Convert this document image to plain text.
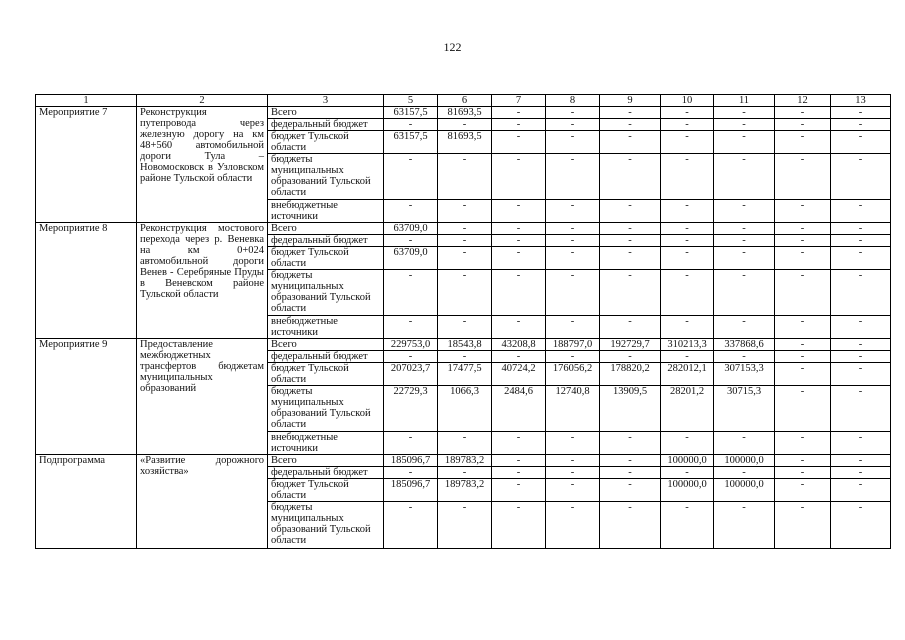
122
1	2	3	5	6	7	8	9	10	11	12	13
Мероприятие 7	Реконструкция путепровода через железную дорогу на км 48+560 автомобильной дороги Тула – Новомосковск в Узловском районе Тульской области	Всего	63157,5	81693,5	-	-	-	-	-	-	-
		федеральный бюджет	-	-	-	-	-	-	-	-	-
		бюджет Тульской области	63157,5	81693,5	-	-	-	-	-	-	-
		бюджеты муниципальных образований Тульской области	-	-	-	-	-	-	-	-	-
		внебюджетные источники	-	-	-	-	-	-	-	-	-
Мероприятие 8	Реконструкция мостового перехода через р. Веневка на км 0+024 автомобильной дороги Венев - Серебряные Пруды в Веневском районе Тульской области	Всего	63709,0	-	-	-	-	-	-	-	-
		федеральный бюджет	-	-	-	-	-	-	-	-	-
		бюджет Тульской области	63709,0	-	-	-	-	-	-	-	-
		бюджеты муниципальных образований Тульской области	-	-	-	-	-	-	-	-	-
		внебюджетные источники	-	-	-	-	-	-	-	-	-
Мероприятие 9	Предоставление межбюджетных трансфертов бюджетам муниципальных образований	Всего	229753,0	18543,8	43208,8	188797,0	192729,7	310213,3	337868,6	-	-
		федеральный бюджет	-	-	-	-	-	-	-	-	-
		бюджет Тульской области	207023,7	17477,5	40724,2	176056,2	178820,2	282012,1	307153,3	-	-
		бюджеты муниципальных образований Тульской области	22729,3	1066,3	2484,6	12740,8	13909,5	28201,2	30715,3	-	-
		внебюджетные источники	-	-	-	-	-	-	-	-	-
Подпрограмма	«Развитие дорожного хозяйства»	Всего	185096,7	189783,2	-	-	-	100000,0	100000,0	-	-
		федеральный бюджет	-	-	-	-	-	-	-	-	-
		бюджет Тульской области	185096,7	189783,2	-	-	-	100000,0	100000,0	-	-
		бюджеты муниципальных образований Тульской области	-	-	-	-	-	-	-	-	-
